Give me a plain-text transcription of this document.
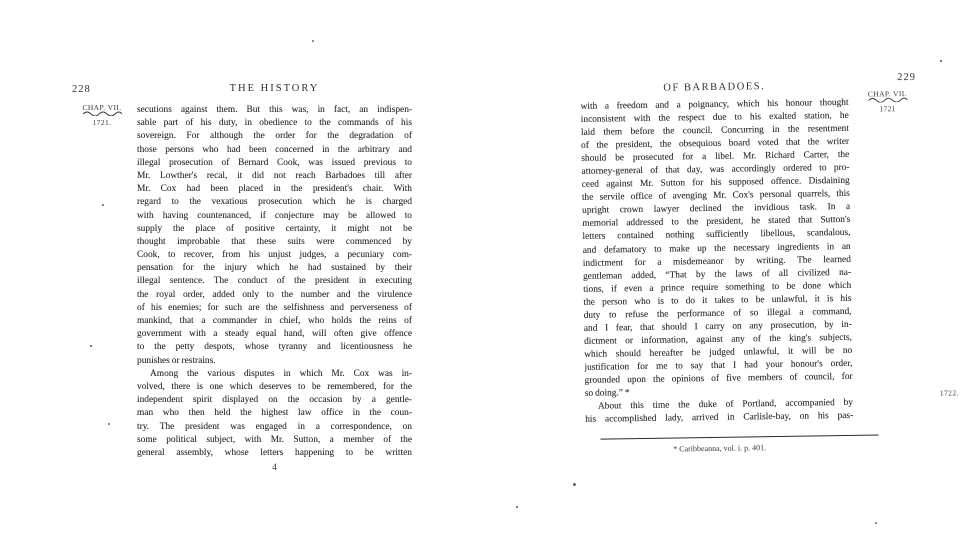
228	THE HISTORY
CHAP. VII.
1721.
secutions against them. But this was, in fact, an indispen-
sable part of his duty, in obedience to the commands of his
sovereign. For although the order for the degradation of
those persons who had been concerned in the arbitrary and
illegal prosecution of Bernard Cook, was issued previous to
Mr. Lowther's recal, it did not reach Barbadoes till after
Mr. Cox had been placed in the president's chair. With
regard to the vexatious prosecution which he is charged
with having countenanced, if conjecture may be allowed to
supply the place of positive certainty, it might not be
thought improbable that these suits were commenced by
Cook, to recover, from his unjust judges, a pecuniary com-
pensation for the injury which he had sustained by their
illegal sentence. The conduct of the president in executing
the royal order, added only to the number and the virulence
of his enemies; for such are the selfishness and perverseness of
mankind, that a commander in chief, who holds the reins of
government with a steady equal hand, will often give offence
to the petty despots, whose tyranny and licentiousness he
punishes or restrains.
Among the various disputes in which Mr. Cox was in-
volved, there is one which deserves to be remembered, for the
independent spirit displayed on the occasion by a gentle-
man who then held the highest law office in the coun-
try. The president was engaged in a correspondence, on
some political subject, with Mr. Sutton, a member of the
general assembly, whose letters happening to be written
4
OF BARBADOES.
229
CHAP. VII.
1721
with a freedom and a poignancy, which his honour thought
inconsistent with the respect due to his exalted station, he
laid them before the council. Concurring in the resentment
of the president, the obsequious board voted that the writer
should be prosecuted for a libel. Mr. Richard Carter, the
attorney-general of that day, was accordingly ordered to pro-
ceed against Mr. Sutton for his supposed offence. Disdaining
the servile office of avenging Mr. Cox's personal quarrels, this
upright crown lawyer declined the invidious task. In a
memorial addressed to the president, he stated that Sutton's
letters contained nothing sufficiently libellous, scandalous,
and defamatory to make up the necessary ingredients in an
indictment for a misdemeanor by writing. The learned
gentleman added, “That by the laws of all civilized na-
tions, if even a prince require something to be done which
the person who is to do it takes to be unlawful, it is his
duty to refuse the performance of so illegal a command,
and I fear, that should I carry on any prosecution, by in-
dictment or information, against any of the king's subjects,
which should hereafter be judged unlawful, it will be no
justification for me to say that I had your honour's order,
grounded upon the opinions of five members of council, for
so doing.” *
About this time the duke of Portland, accompanied by
his accomplished lady, arrived in Carlisle-bay, on his pas-
1722.
* Caribbeanna, vol. i. p. 401.
